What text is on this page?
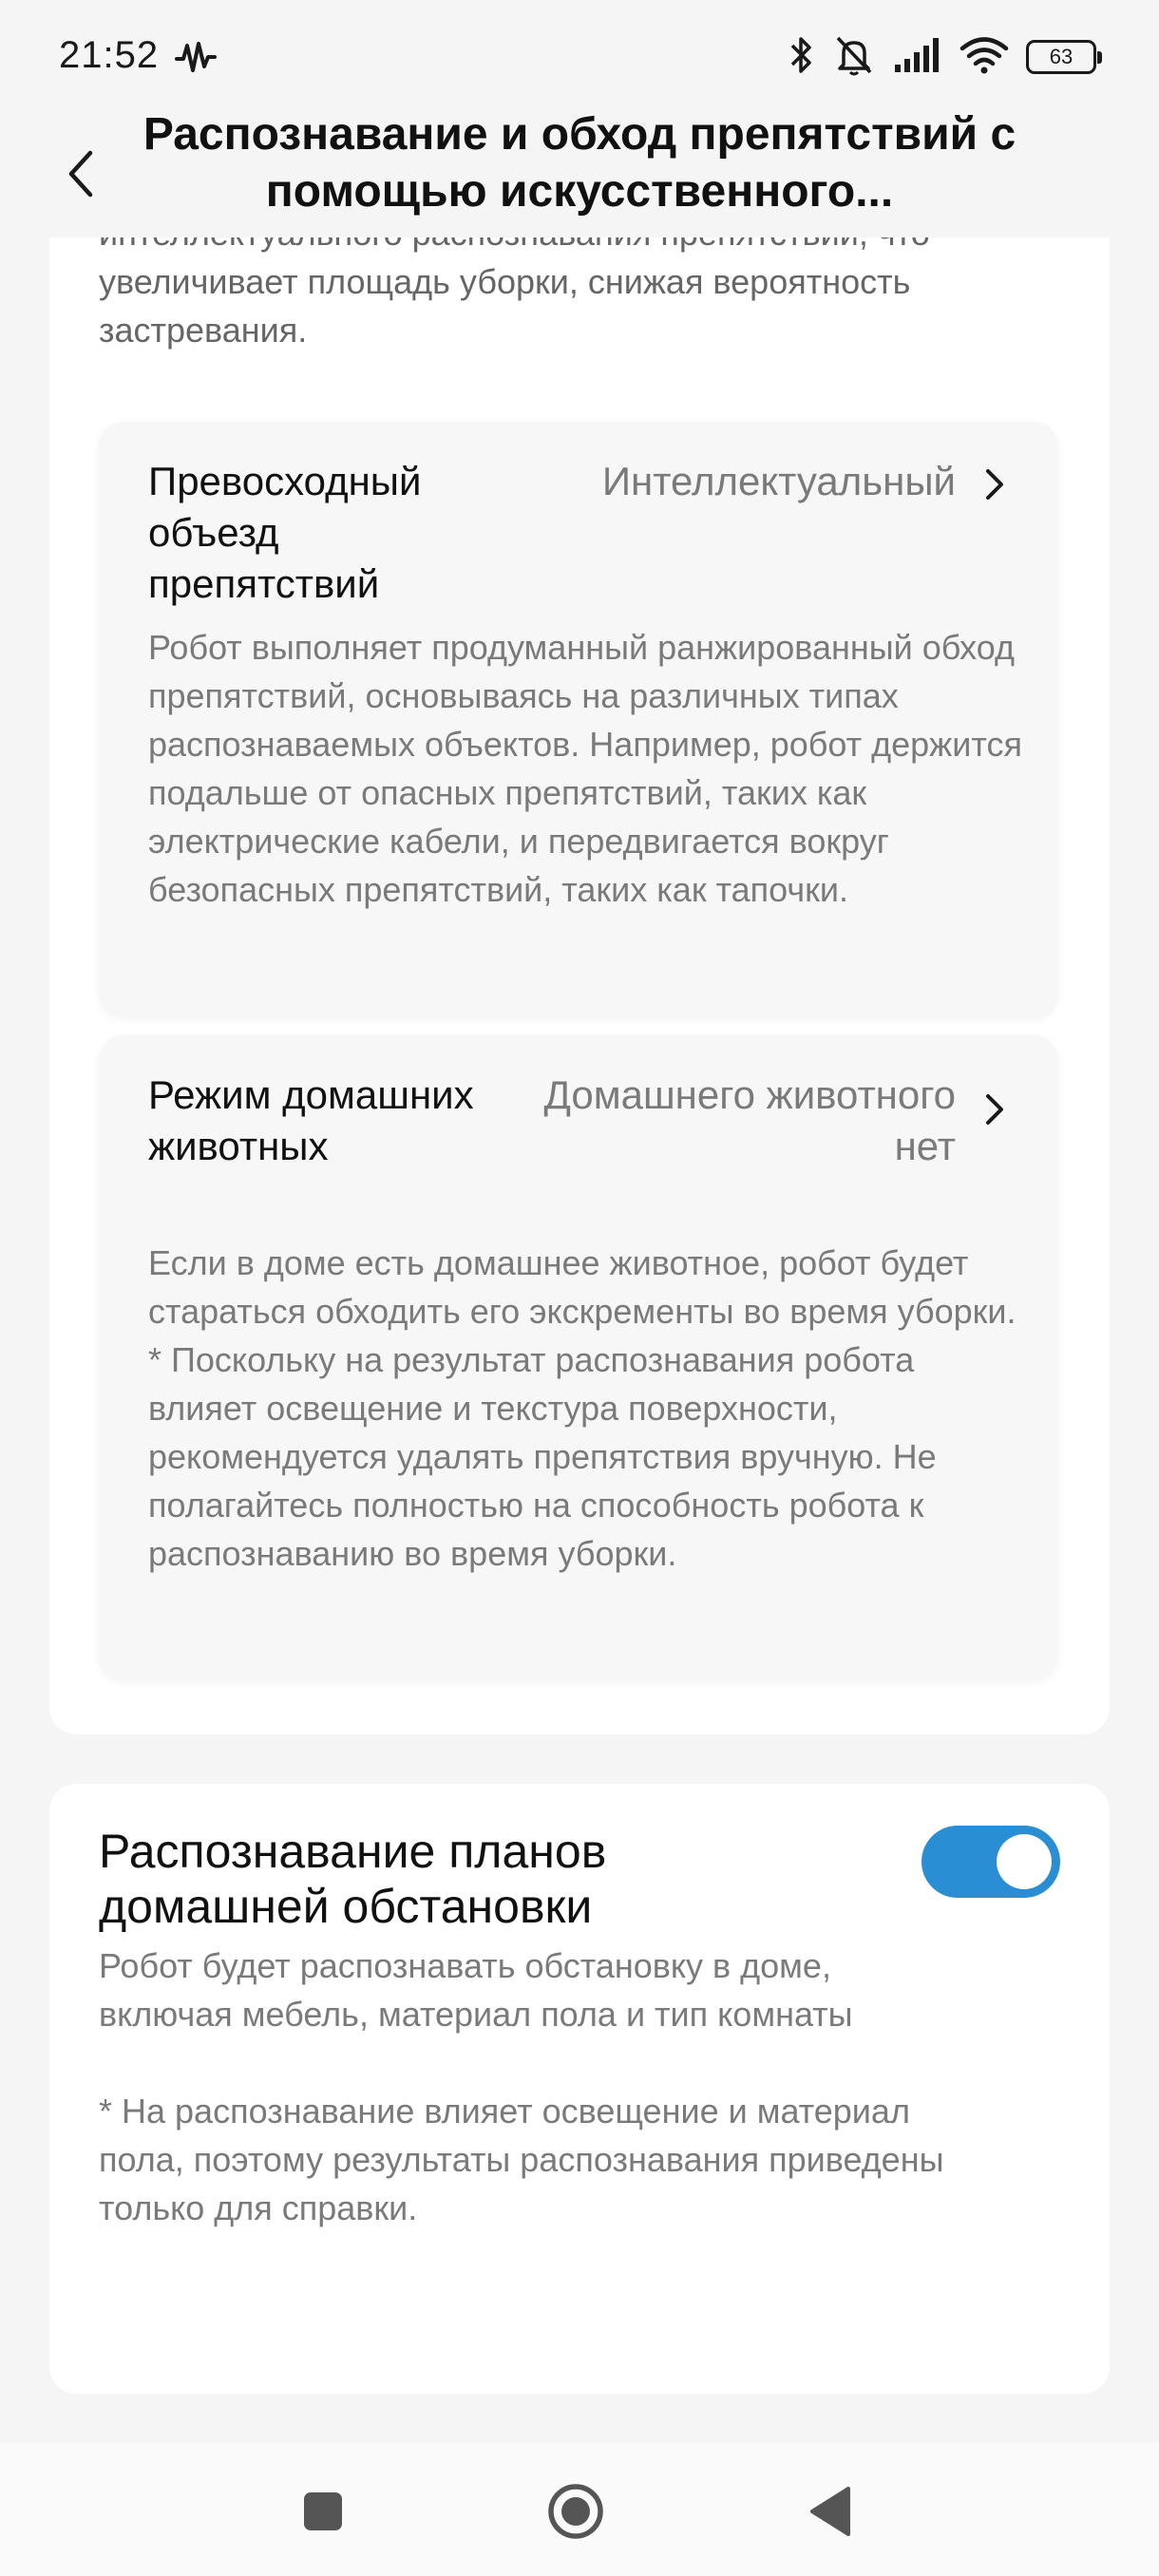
21:52	63

увеличивает площадь уборки, снижая вероятность застревания.

Превосходный объезд препятствий
Интеллектуальный

Робот выполняет продуманный ранжированный обход препятствий, основываясь на различных типах распознаваемых объектов. Например, робот держится подальше от опасных препятствий, таких как электрические кабели, и передвигается вокруг безопасных препятствий, таких как тапочки.

Режим домашних животных
Домашнего животного нет

Если в доме есть домашнее животное, робот будет стараться обходить его экскременты во время уборки.
* Поскольку на результат распознавания робота влияет освещение и текстура поверхности, рекомендуется удалять препятствия вручную. Не полагайтесь полностью на способность робота к распознаванию во время уборки.

Распознавание планов домашней обстановки

Робот будет распознавать обстановку в доме, включая мебель, материал пола и тип комнаты

* На распознавание влияет освещение и материал пола, поэтому результаты распознавания приведены только для справки.

Распознавание и обход препятствий с помощью искусственного...
